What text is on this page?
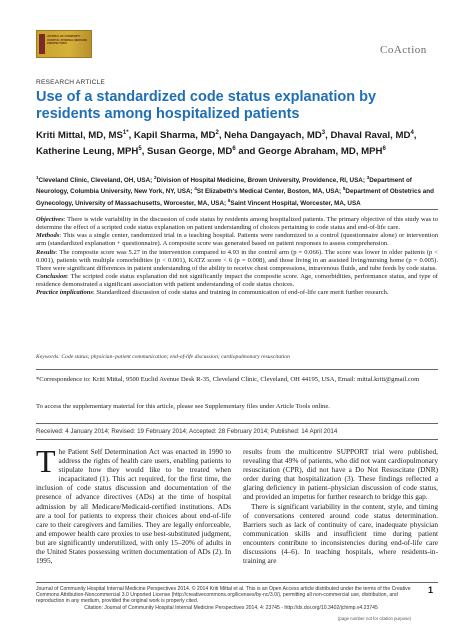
JOURNAL OF COMMUNITY HOSPITAL INTERNAL MEDICINE PERSPECTIVES
CoAction
RESEARCH ARTICLE
Use of a standardized code status explanation by residents among hospitalized patients
Kriti Mittal, MD, $MS^{1*}$, Kapil Sharma, $MD^2$, Neha Dangayach, $MD^3$, Dhaval Raval, $MD^4$, Katherine Leung, MPH$^5$, Susan George, $MD^6$ and George Abraham, MD, MPH$^6$
$^1$Cleveland Clinic, Cleveland, OH, USA; $^2$Division of Hospital Medicine, Brown University, Providence, RI, USA; $^3$Department of Neurology, Columbia University, New York, NY, USA; $^4$St Elizabeth's Medical Center, Boston, MA, USA; $^5$Department of Obstetrics and Gynecology, University of Massachusetts, Worcester, MA, USA; $^6$Saint Vincent Hospital, Worcester, MA, USA

Objectives: There is wide variability in the discussion of code status by residents among hospitalized patients. The primary objective of this study was to determine the effect of a scripted code status explanation on patient understanding of choices pertaining to code status and end-of-life care.

Methods: This was a single center, randomized trial in a teaching hospital. Patients were randomized to a control (questionnaire alone) or intervention arm (standardized explanation + questionnaire). A composite score was generated based on patient responses to assess comprehension.

Results: The composite score was 5.27 in the intervention compared to 4.93 in the control arm (p = 0.066). The score was lower in older patients (p < 0.001), patients with multiple comorbidities (p < 0.001), KATZ score < 6 (p = 0.008), and those living in an assisted living/nursing home (p = 0.005). There were significant differences in patient understanding of the ability to receive chest compressions, intravenous fluids, and tube feeds by code status.

Conclusion: The scripted code status explanation did not significantly impact the composite score. Age, comorbidities, performance status, and type of residence demonstrated a significant association with patient understanding of code status choices.

Practice implications: Standardized discussion of code status and training in communication of end-of-life care merit further research.

Keywords: Code status; physician–patient communication; end-of-life discussion; cardiopulmonary resuscitation
*Correspondence to: Kriti Mittal, 9500 Euclid Avenue Desk R-35, Cleveland Clinic, Cleveland, OH 44195, USA, Email: mittal.kriti@gmail.com
To access the supplementary material for this article, please see Supplementary files under Article Tools online.
Received: 4 January 2014; Revised: 19 February 2014; Accepted: 28 February 2014; Published: 14 April 2014

The Patient Self Determination Act was enacted in 1990 to address the rights of health care users, enabling patients to stipulate how they would like to be treated when incapacitated (1). This act required, for the first time, the inclusion of code status discussion and documentation of the presence of advance directives (ADs) at the time of hospital admission by all Medicare/Medicaid-certified institutions. ADs are a tool for patients to express their choices about end-of-life care to their caregivers and families. They are legally enforceable, and empower health care proxies to use best-substituted judgment, but are significantly underutilized, with only 15–20% of adults in the United States possessing written documentation of ADs (2). In 1995,

results from the multicentre SUPPORT trial were published, revealing that 49% of patients, who did not want cardiopulmonary resuscitation (CPR), did not have a Do Not Resuscitate (DNR) order during that hospitalization (3). These findings reflected a glaring deficiency in patient–physician discussion of code status, and provided an impetus for further research to bridge this gap.

There is significant variability in the content, style, and timing of conversations centered around code status determination. Barriers such as lack of continuity of care, inadequate physician communication skills and insufficient time during patient encounters contribute to inconsistencies during end-of-life care discussions (4–6). In teaching hospitals, where residents-in-training are

Journal of Community Hospital Internal Medicine Perspectives 2014. © 2014 Kriti Mittal et al. This is an Open Access article distributed under the terms of the Creative Commons Attribution-Noncommercial 3.0 Unported License (http://creativecommons.org/licenses/by-nc/3.0/), permitting all non-commercial use, distribution, and reproduction in any medium, provided the original work is properly cited.
Citation: Journal of Community Hospital Internal Medicine Perspectives 2014, 4: 23745 - http://dx.doi.org/10.3402/jchimp.v4.23745
1
(page number not for citation purpose)
